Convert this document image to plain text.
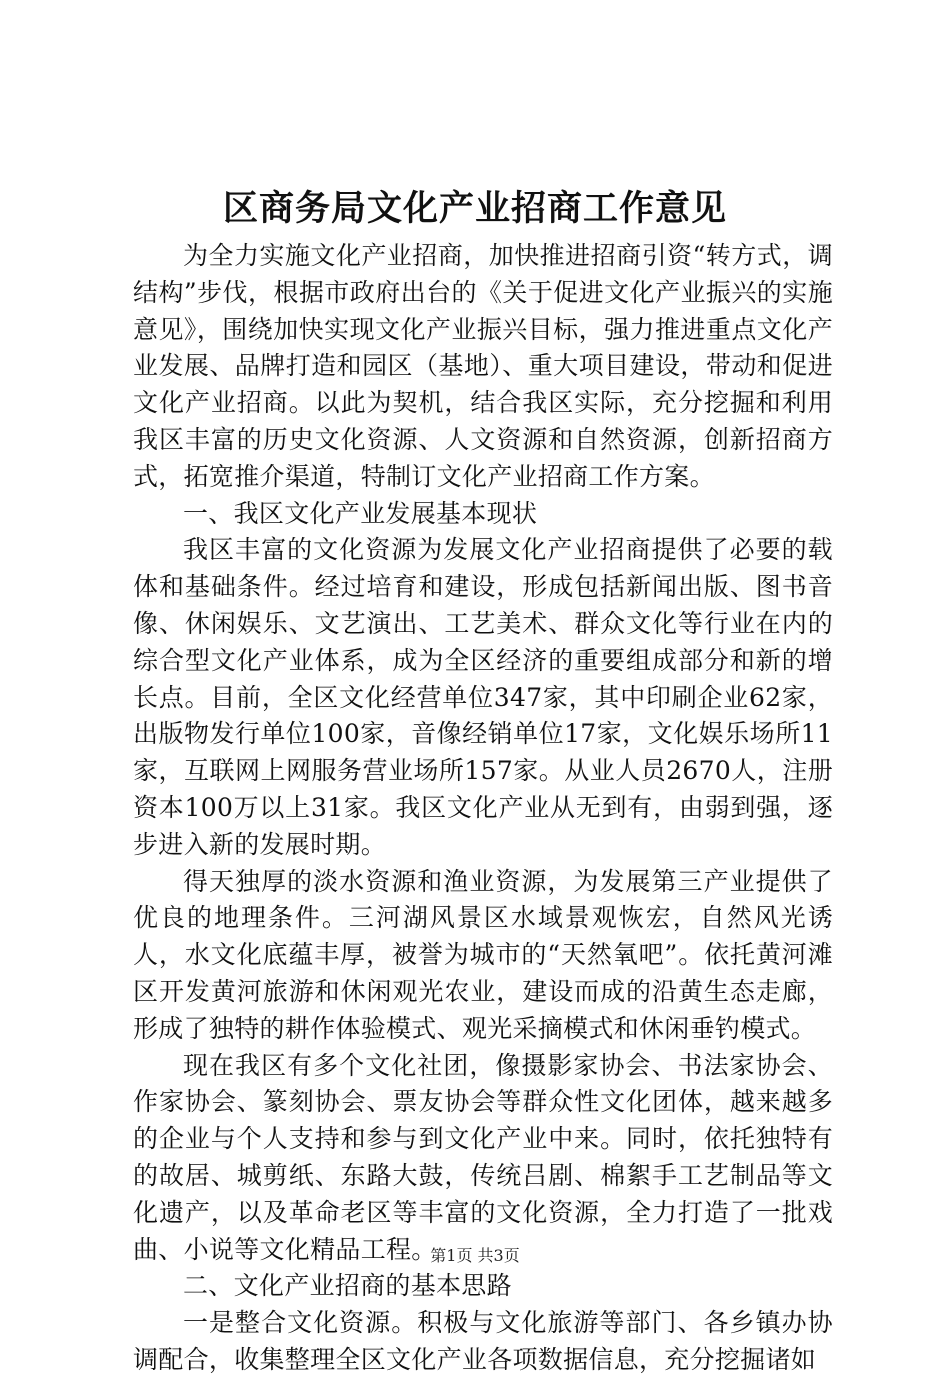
区商务局文化产业招商工作意见

为全力实施文化产业招商，加快推进招商引资“转方式，调结构”步伐，根据市政府出台的《关于促进文化产业振兴的实施意见》，围绕加快实现文化产业振兴目标，强力推进重点文化产业发展、品牌打造和园区（基地）、重大项目建设，带动和促进文化产业招商。以此为契机，结合我区实际，充分挖掘和利用我区丰富的历史文化资源、人文资源和自然资源，创新招商方式，拓宽推介渠道，特制订文化产业招商工作方案。

一、我区文化产业发展基本现状

我区丰富的文化资源为发展文化产业招商提供了必要的载体和基础条件。经过培育和建设，形成包括新闻出版、图书音像、休闲娱乐、文艺演出、工艺美术、群众文化等行业在内的综合型文化产业体系，成为全区经济的重要组成部分和新的增长点。目前，全区文化经营单位347家，其中印刷企业62家，出版物发行单位100家，音像经销单位17家，文化娱乐场所11家，互联网上网服务营业场所157家。从业人员2670人，注册资本100万以上31家。我区文化产业从无到有，由弱到强，逐步进入新的发展时期。

得天独厚的淡水资源和渔业资源，为发展第三产业提供了优良的地理条件。三河湖风景区水域景观恢宏，自然风光诱人，水文化底蕴丰厚，被誉为城市的“天然氧吧”。依托黄河滩区开发黄河旅游和休闲观光农业，建设而成的沿黄生态走廊，形成了独特的耕作体验模式、观光采摘模式和休闲垂钓模式。

现在我区有多个文化社团，像摄影家协会、书法家协会、作家协会、篆刻协会、票友协会等群众性文化团体，越来越多的企业与个人支持和参与到文化产业中来。同时，依托独特有的故居、城剪纸、东路大鼓，传统吕剧、棉絮手工艺制品等文化遗产，以及革命老区等丰富的文化资源，全力打造了一批戏曲、小说等文化精品工程。

二、文化产业招商的基本思路

一是整合文化资源。积极与文化旅游等部门、各乡镇办协调配合，收集整理全区文化产业各项数据信息，充分挖掘诸如

第1页 共3页
